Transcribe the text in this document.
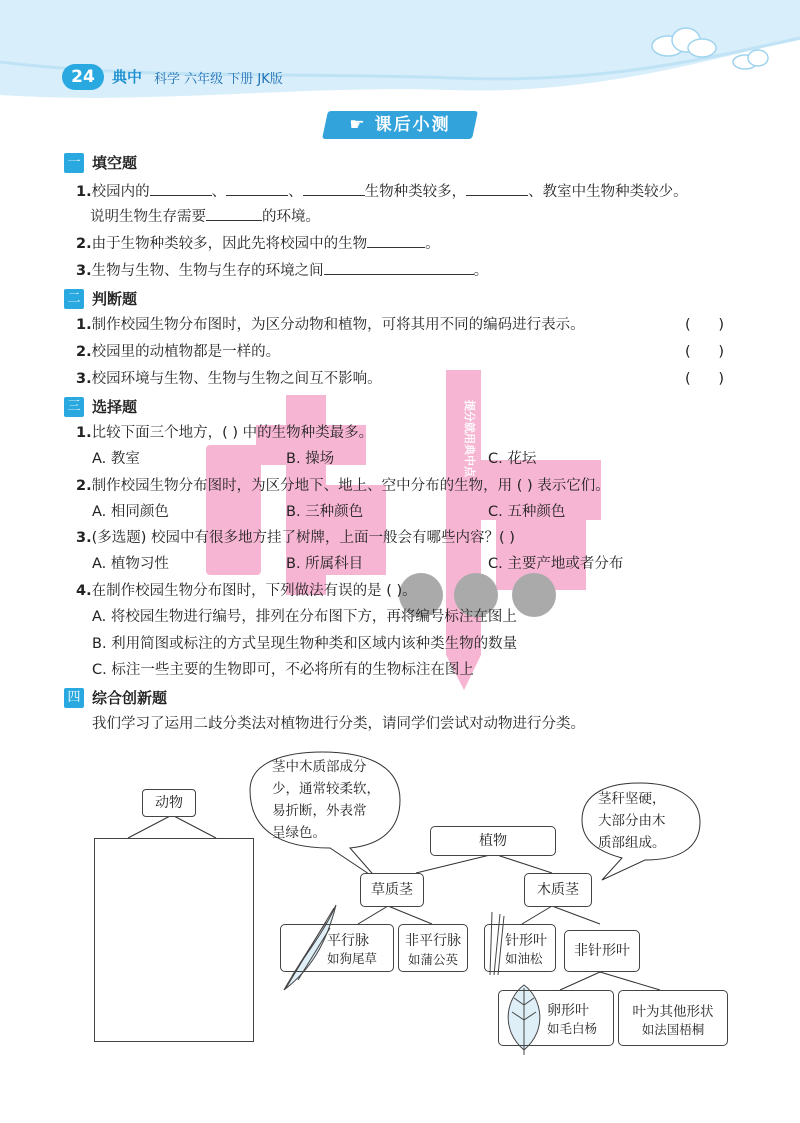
24	典中 科学 六年级 下册 JK版
☛ 课后小测
Since 1994
提分就用典中点
一 填空题
1.校园内的	、	、	生物种类较多，	、教室中生物种类较少。
说明生物生存需要	的环境。
2.由于生物种类较多，因此先将校园中的生物	。
3.生物与生物、生物与生存的环境之间	。
二 判断题
1.制作校园生物分布图时，为区分动物和植物，可将其用不同的编码进行表示。	(      )
2.校园里的动植物都是一样的。	(      )
3.校园环境与生物、生物与生物之间互不影响。	(      )
三 选择题
1.比较下面三个地方，( ) 中的生物种类最多。
A. 教室	B. 操场	C. 花坛
2.制作校园生物分布图时，为区分地下、地上、空中分布的生物，用 ( ) 表示它们。
A. 相同颜色	B. 三种颜色	C. 五种颜色
3.(多选题) 校园中有很多地方挂了树牌，上面一般会有哪些内容？( )
A. 植物习性	B. 所属科目	C. 主要产地或者分布
4.在制作校园生物分布图时，下列做法有误的是 ( )。
A. 将校园生物进行编号，排列在分布图下方，再将编号标注在图上
B. 利用简图或标注的方式呈现生物种类和区域内该种类生物的数量
C. 标注一些主要的生物即可，不必将所有的生物标注在图上
四 综合创新题
我们学习了运用二歧分类法对植物进行分类，请同学们尝试对动物进行分类。
动物
植物
草质茎	木质茎
平行脉
如狗尾草
非平行脉
如蒲公英
针形叶
如油松	非针形叶
卵形叶
如毛白杨
叶为其他形状
如法国梧桐
茎中木质部成分
少，通常较柔软，
易折断，外表常
呈绿色。
茎秆坚硬，
大部分由木
质部组成。
